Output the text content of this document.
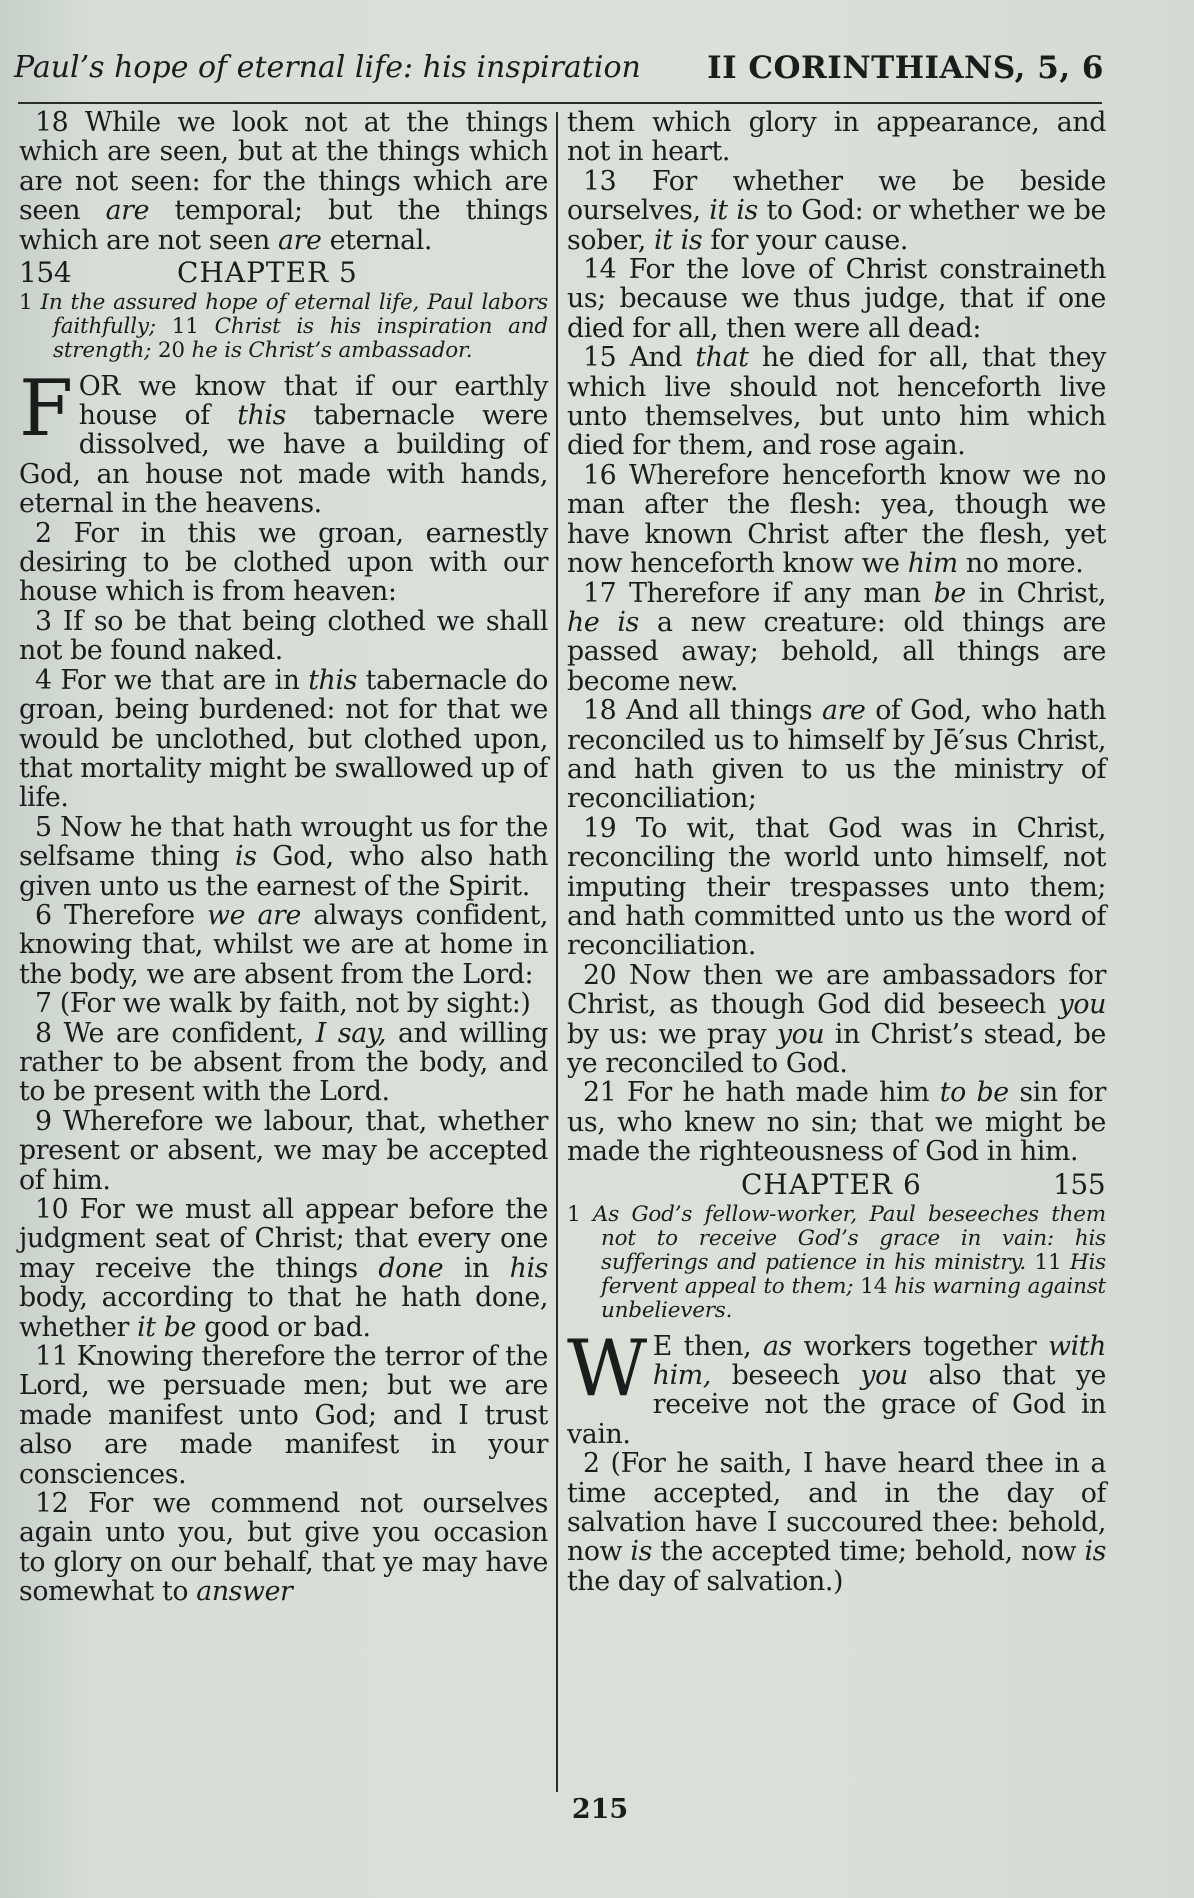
Paul’s hope of eternal life: his inspiration II CORINTHIANS, 5, 6

18 While we look not at the things which are seen, but at the things which are not seen: for the things which are seen are temporal; but the things which are not seen are eternal.

154	CHAPTER 5

1 In the assured hope of eternal life, Paul labors faithfully; 11 Christ is his inspiration and strength; 20 he is Christ’s ambassador.

FOR we know that if our earthly house of this tabernacle were dissolved, we have a building of God, an house not made with hands, eternal in the heavens.

2 For in this we groan, earnestly desiring to be clothed upon with our house which is from heaven:

3 If so be that being clothed we shall not be found naked.

4 For we that are in this tabernacle do groan, being burdened: not for that we would be unclothed, but clothed upon, that mortality might be swallowed up of life.

5 Now he that hath wrought us for the selfsame thing is God, who also hath given unto us the earnest of the Spirit.

6 Therefore we are always confident, knowing that, whilst we are at home in the body, we are absent from the Lord:

7 (For we walk by faith, not by sight:)

8 We are confident, I say, and willing rather to be absent from the body, and to be present with the Lord.

9 Wherefore we labour, that, whether present or absent, we may be accepted of him.

10 For we must all appear before the judgment seat of Christ; that every one may receive the things done in his body, according to that he hath done, whether it be good or bad.

11 Knowing therefore the terror of the Lord, we persuade men; but we are made manifest unto God; and I trust also are made manifest in your consciences.

12 For we commend not ourselves again unto you, but give you occasion to glory on our behalf, that ye may have somewhat to answer

them which glory in appearance, and not in heart.

13 For whether we be beside ourselves, it is to God: or whether we be sober, it is for your cause.

14 For the love of Christ constraineth us; because we thus judge, that if one died for all, then were all dead:

15 And that he died for all, that they which live should not henceforth live unto themselves, but unto him which died for them, and rose again.

16 Wherefore henceforth know we no man after the flesh: yea, though we have known Christ after the flesh, yet now henceforth know we him no more.

17 Therefore if any man be in Christ, he is a new creature: old things are passed away; behold, all things are become new.

18 And all things are of God, who hath reconciled us to himself by Jē′sus Christ, and hath given to us the ministry of reconciliation;

19 To wit, that God was in Christ, reconciling the world unto himself, not imputing their trespasses unto them; and hath committed unto us the word of reconciliation.

20 Now then we are ambassadors for Christ, as though God did beseech you by us: we pray you in Christ’s stead, be ye reconciled to God.

21 For he hath made him to be sin for us, who knew no sin; that we might be made the righteousness of God in him.

CHAPTER 6	155

1 As God’s fellow-worker, Paul beseeches them not to receive God’s grace in vain: his sufferings and patience in his ministry. 11 His fervent appeal to them; 14 his warning against unbelievers.

W E then, as workers together with him, beseech you also that ye receive not the grace of God in vain.

2 (For he saith, I have heard thee in a time accepted, and in the day of salvation have I succoured thee: behold, now is the accepted time; behold, now is the day of salvation.)

215
